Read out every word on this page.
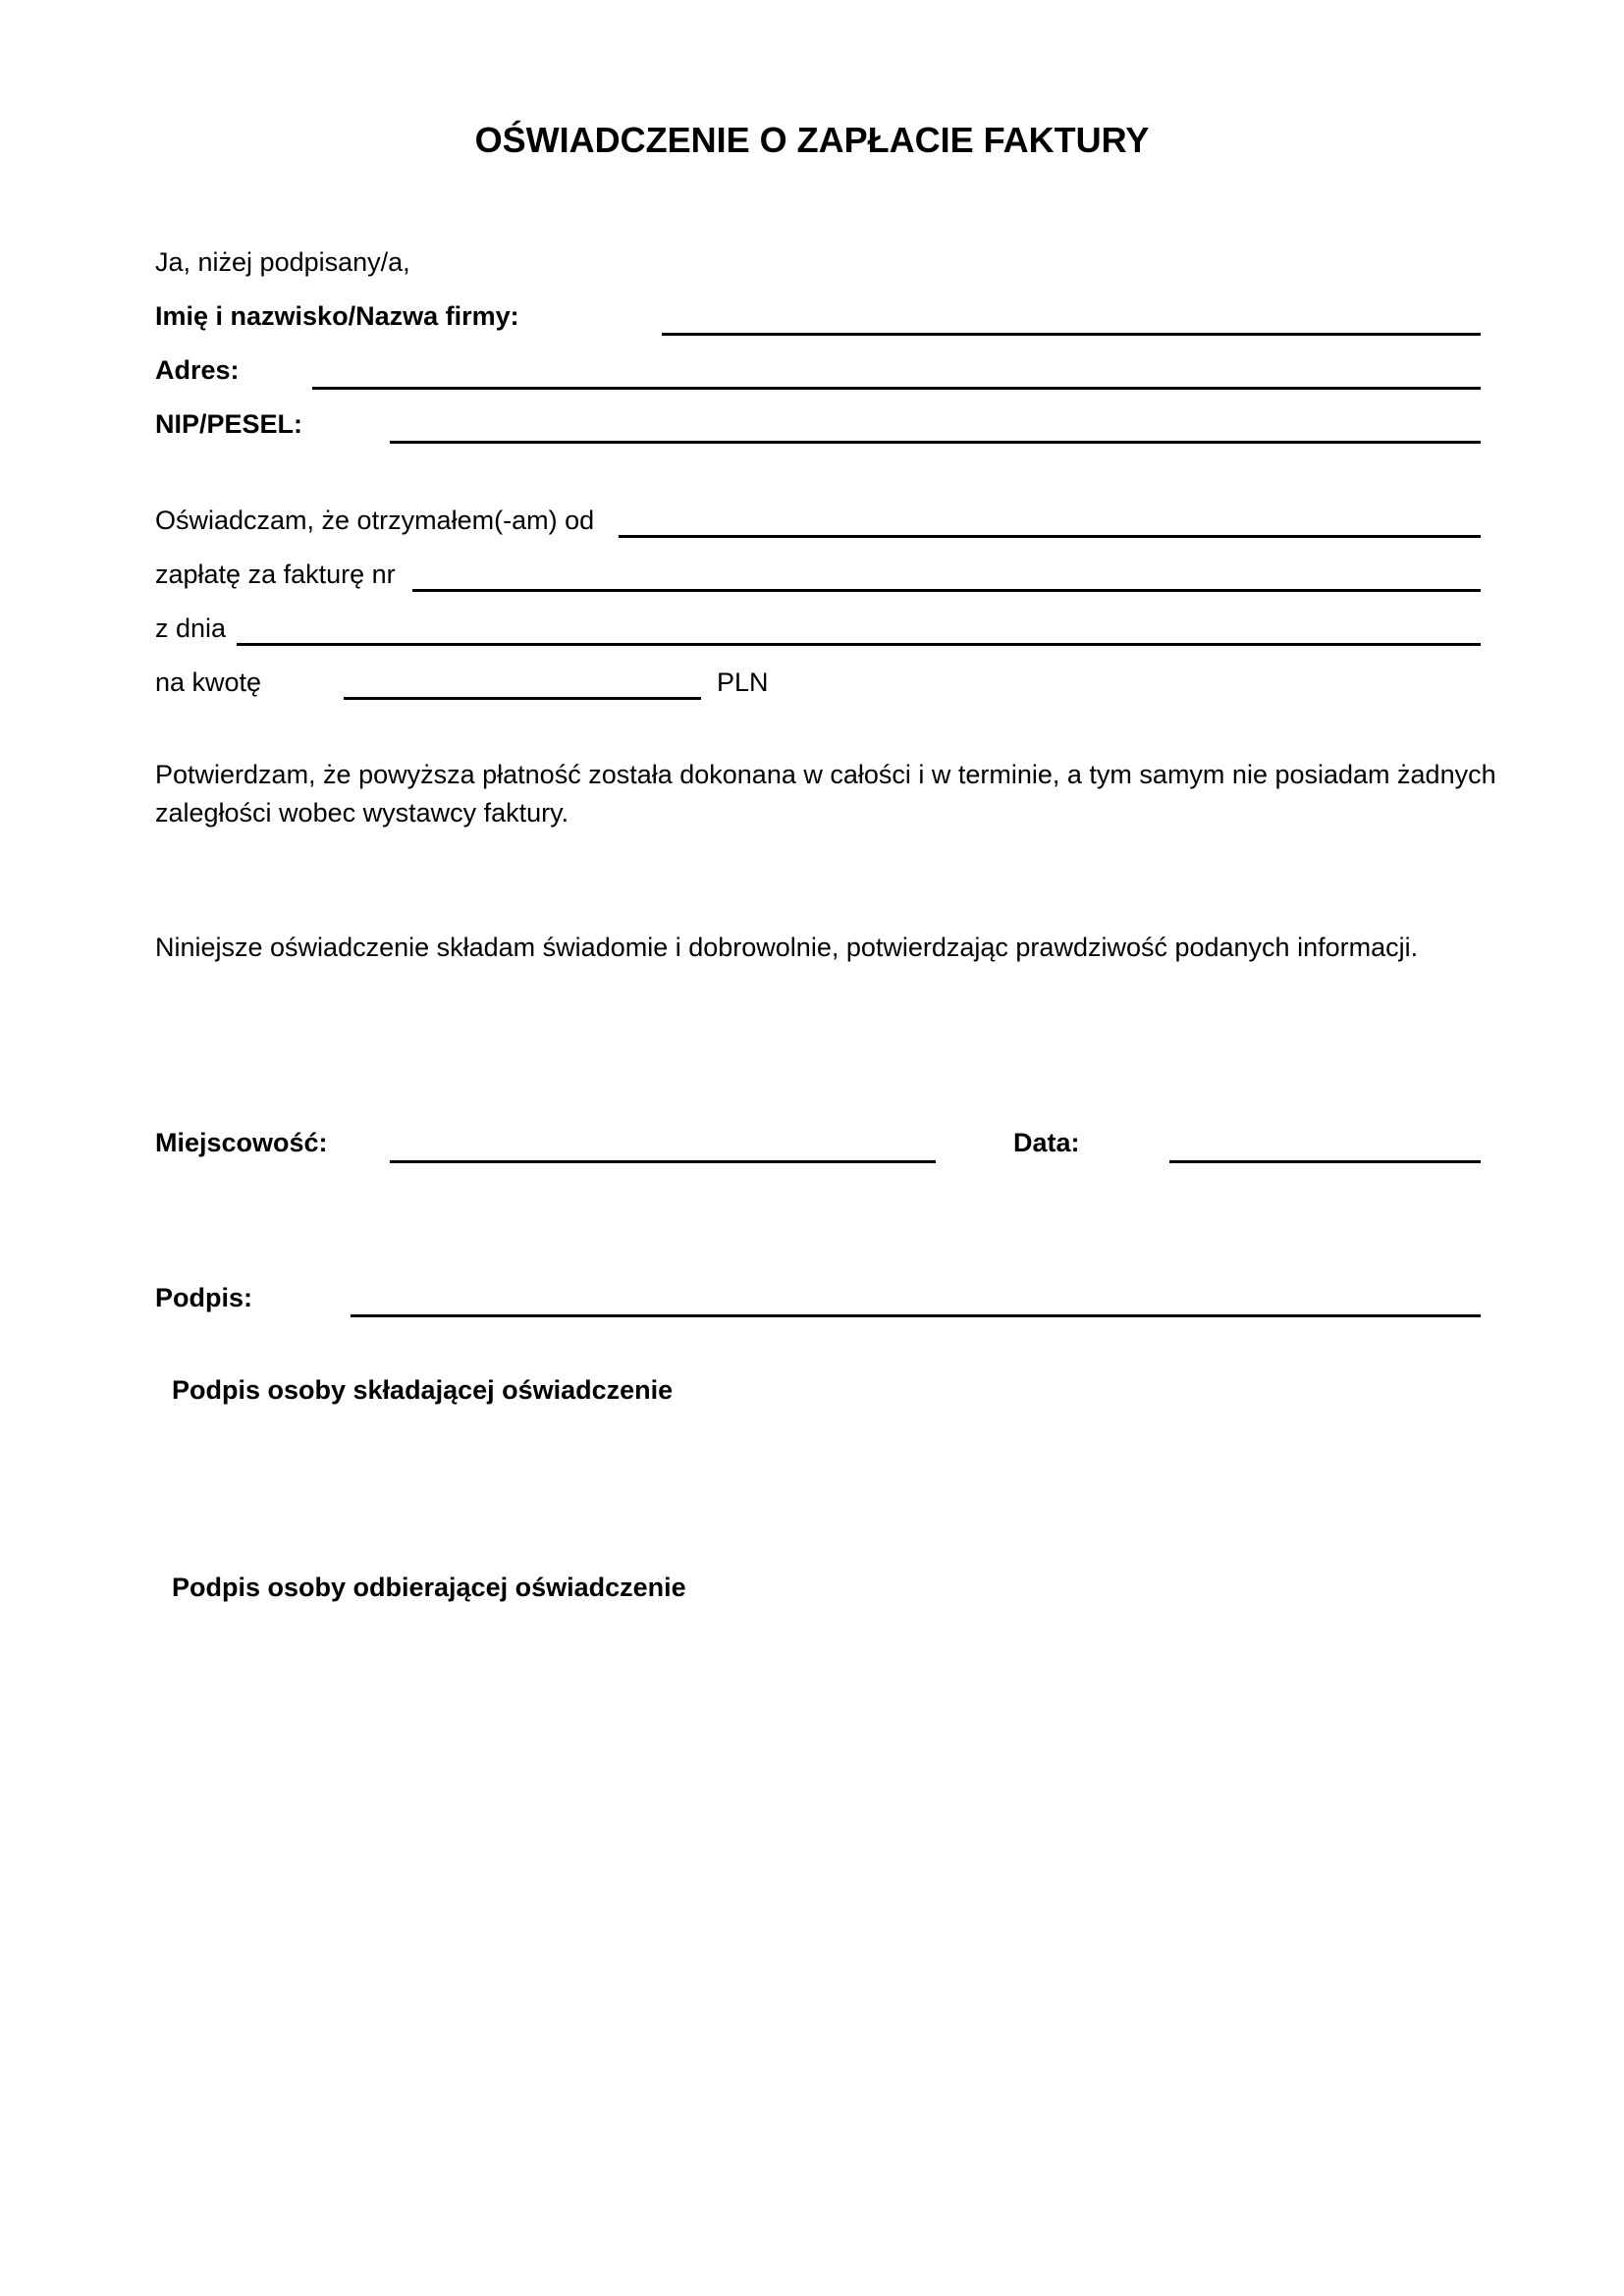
OŚWIADCZENIE O ZAPŁACIE FAKTURY
Ja, niżej podpisany/a,
Imię i nazwisko/Nazwa firmy:
Adres:
NIP/PESEL:
Oświadczam, że otrzymałem(-am) od
zapłatę za fakturę nr
z dnia
na kwotę	PLN
Potwierdzam, że powyższa płatność została dokonana w całości i w terminie, a tym samym nie posiadam żadnych zaległości wobec wystawcy faktury.
Niniejsze oświadczenie składam świadomie i dobrowolnie, potwierdzając prawdziwość podanych informacji.
Miejscowość:	Data:
Podpis:
Podpis osoby składającej oświadczenie
Podpis osoby odbierającej oświadczenie
